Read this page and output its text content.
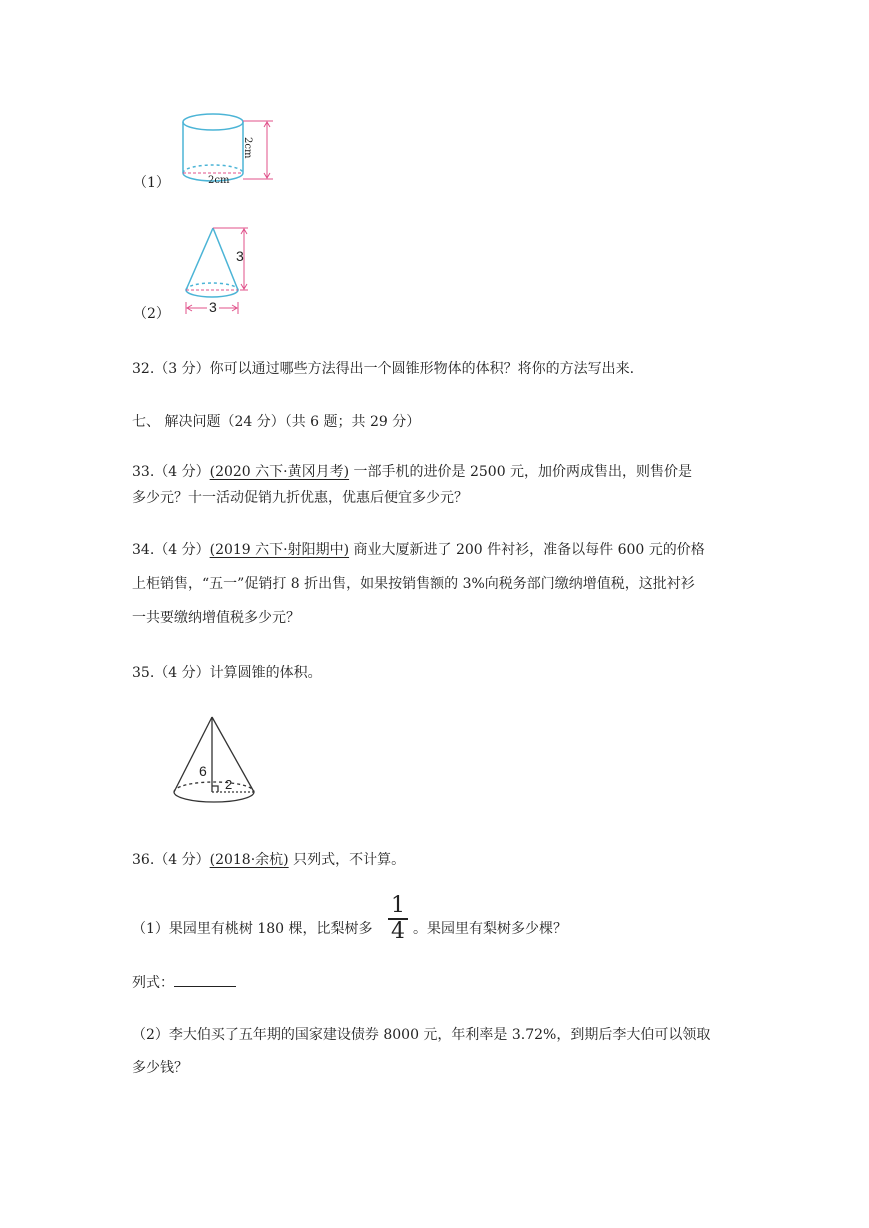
（1）
2cm
2cm
（2）
3
3
32.（3 分）你可以通过哪些方法得出一个圆锥形物体的体积？将你的方法写出来.
七、 解决问题（24 分）（共 6 题；共 29 分）
33.（4 分）(2020 六下·黄冈月考) 一部手机的进价是 2500 元，加价两成售出，则售价是
多少元？十一活动促销九折优惠，优惠后便宜多少元？
34.（4 分）(2019 六下·射阳期中) 商业大厦新进了 200 件衬衫，准备以每件 600 元的价格
上柜销售，“五一”促销打 8 折出售，如果按销售额的 3%向税务部门缴纳增值税，这批衬衫
一共要缴纳增值税多少元？
35.（4 分）计算圆锥的体积。
6
2
36.（4 分）(2018·余杭) 只列式，不计算。
（1）果园里有桃树 180 棵，比梨树多
1
4 。果园里有梨树多少棵？
列式：
（2）李大伯买了五年期的国家建设债券 8000 元，年利率是 3.72%，到期后李大伯可以领取
多少钱？
